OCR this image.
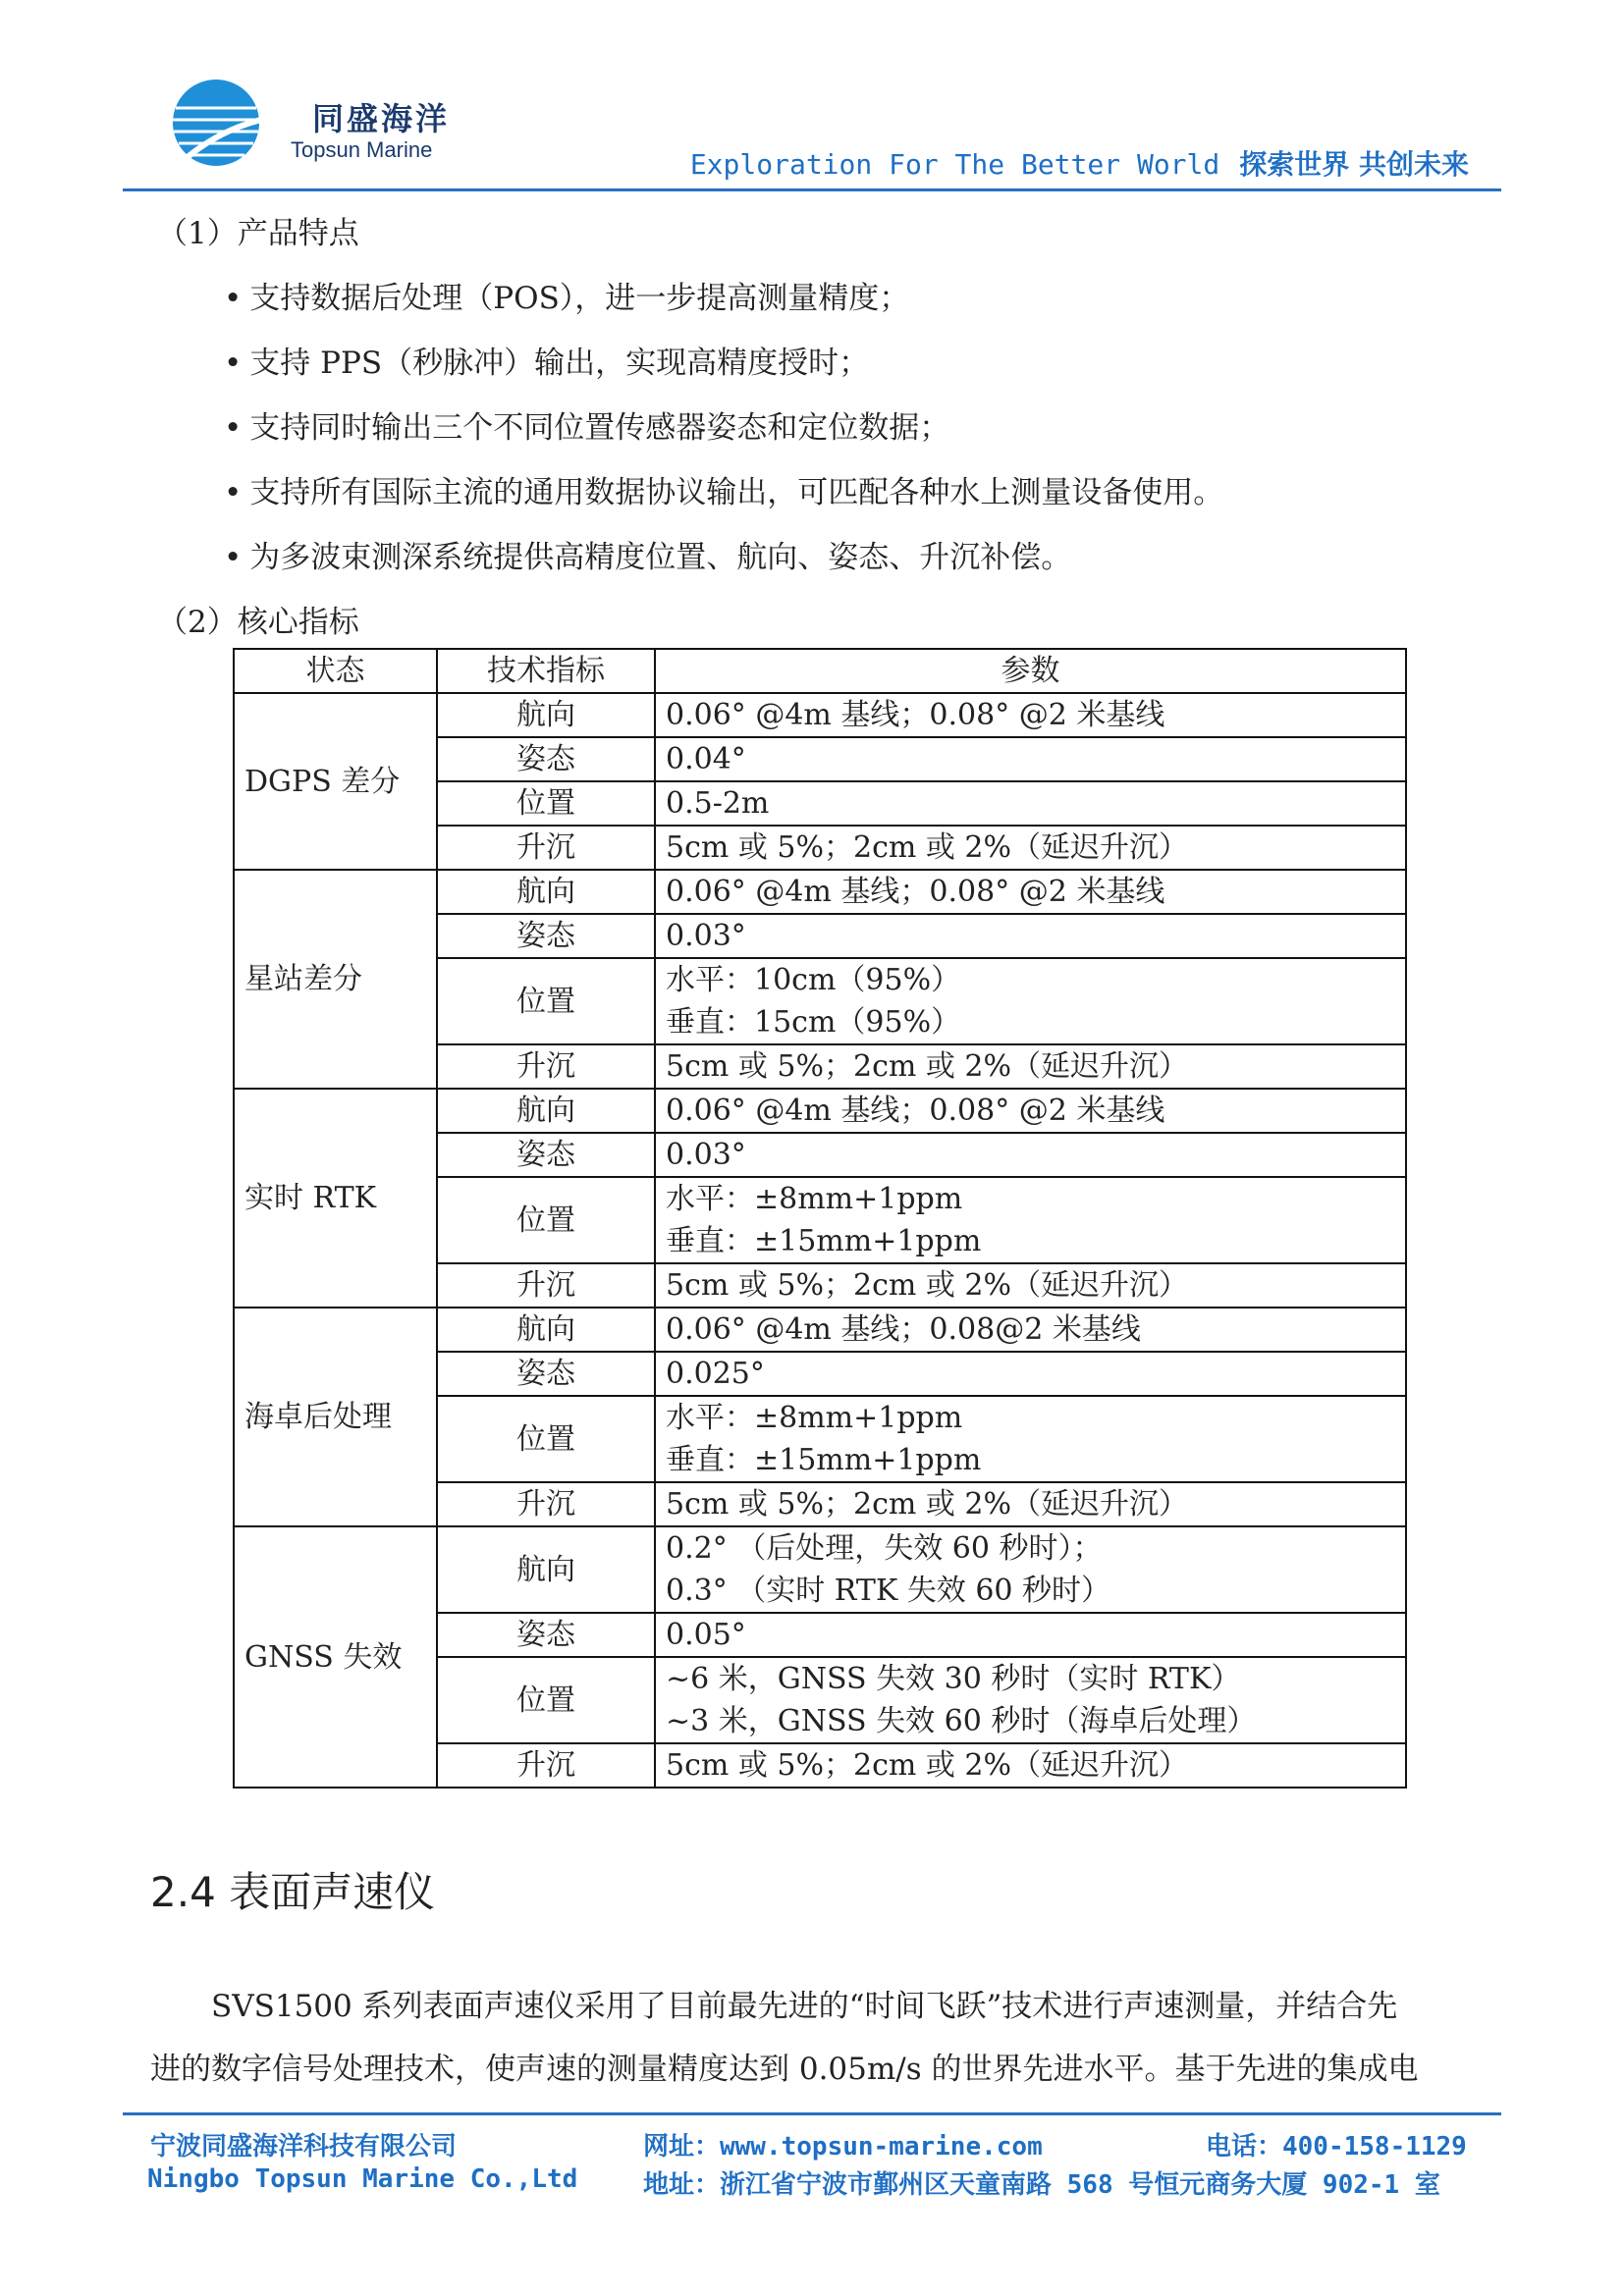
同盛海洋
Topsun Marine	Exploration For The Better World 探索世界 共创未来
（1）产品特点
• 支持数据后处理（POS），进一步提高测量精度；
• 支持 PPS（秒脉冲）输出，实现高精度授时；
• 支持同时输出三个不同位置传感器姿态和定位数据；
• 支持所有国际主流的通用数据协议输出，可匹配各种水上测量设备使用。
• 为多波束测深系统提供高精度位置、航向、姿态、升沉补偿。
（2）核心指标
状态	技术指标	参数
DGPS 差分	航向	0.06° @4m 基线；0.08° @2 米基线

	姿态	0.04°

	位置	0.5-2m

	升沉	5cm 或 5%；2cm 或 2%（延迟升沉）

星站差分	航向	0.06° @4m 基线；0.08° @2 米基线

	姿态	0.03°

	位置	水平：10cm（95%）
垂直：15cm（95%）

	升沉	5cm 或 5%；2cm 或 2%（延迟升沉）

实时 RTK	航向	0.06° @4m 基线；0.08° @2 米基线

	姿态	0.03°

	位置	水平：±8mm+1ppm
垂直：±15mm+1ppm

	升沉	5cm 或 5%；2cm 或 2%（延迟升沉）

海卓后处理	航向	0.06° @4m 基线；0.08@2 米基线

	姿态	0.025°

	位置	水平：±8mm+1ppm
垂直：±15mm+1ppm

	升沉	5cm 或 5%；2cm 或 2%（延迟升沉）

GNSS 失效	航向	0.2° （后处理，失效 60 秒时）；
0.3° （实时 RTK 失效 60 秒时）

	姿态	0.05°

	位置	~6 米，GNSS 失效 30 秒时（实时 RTK）
~3 米，GNSS 失效 60 秒时（海卓后处理）

	升沉	5cm 或 5%；2cm 或 2%（延迟升沉）
2.4 表面声速仪
SVS1500 系列表面声速仪采用了目前最先进的“时间飞跃”技术进行声速测量，并结合先
进的数字信号处理技术，使声速的测量精度达到 0.05m/s 的世界先进水平。基于先进的集成电
宁波同盛海洋科技有限公司
Ningbo Topsun Marine Co.,Ltd
网址：www.topsun-marine.com
地址：浙江省宁波市鄞州区天童南路 568 号恒元商务大厦 902-1 室
电话：400-158-1129
